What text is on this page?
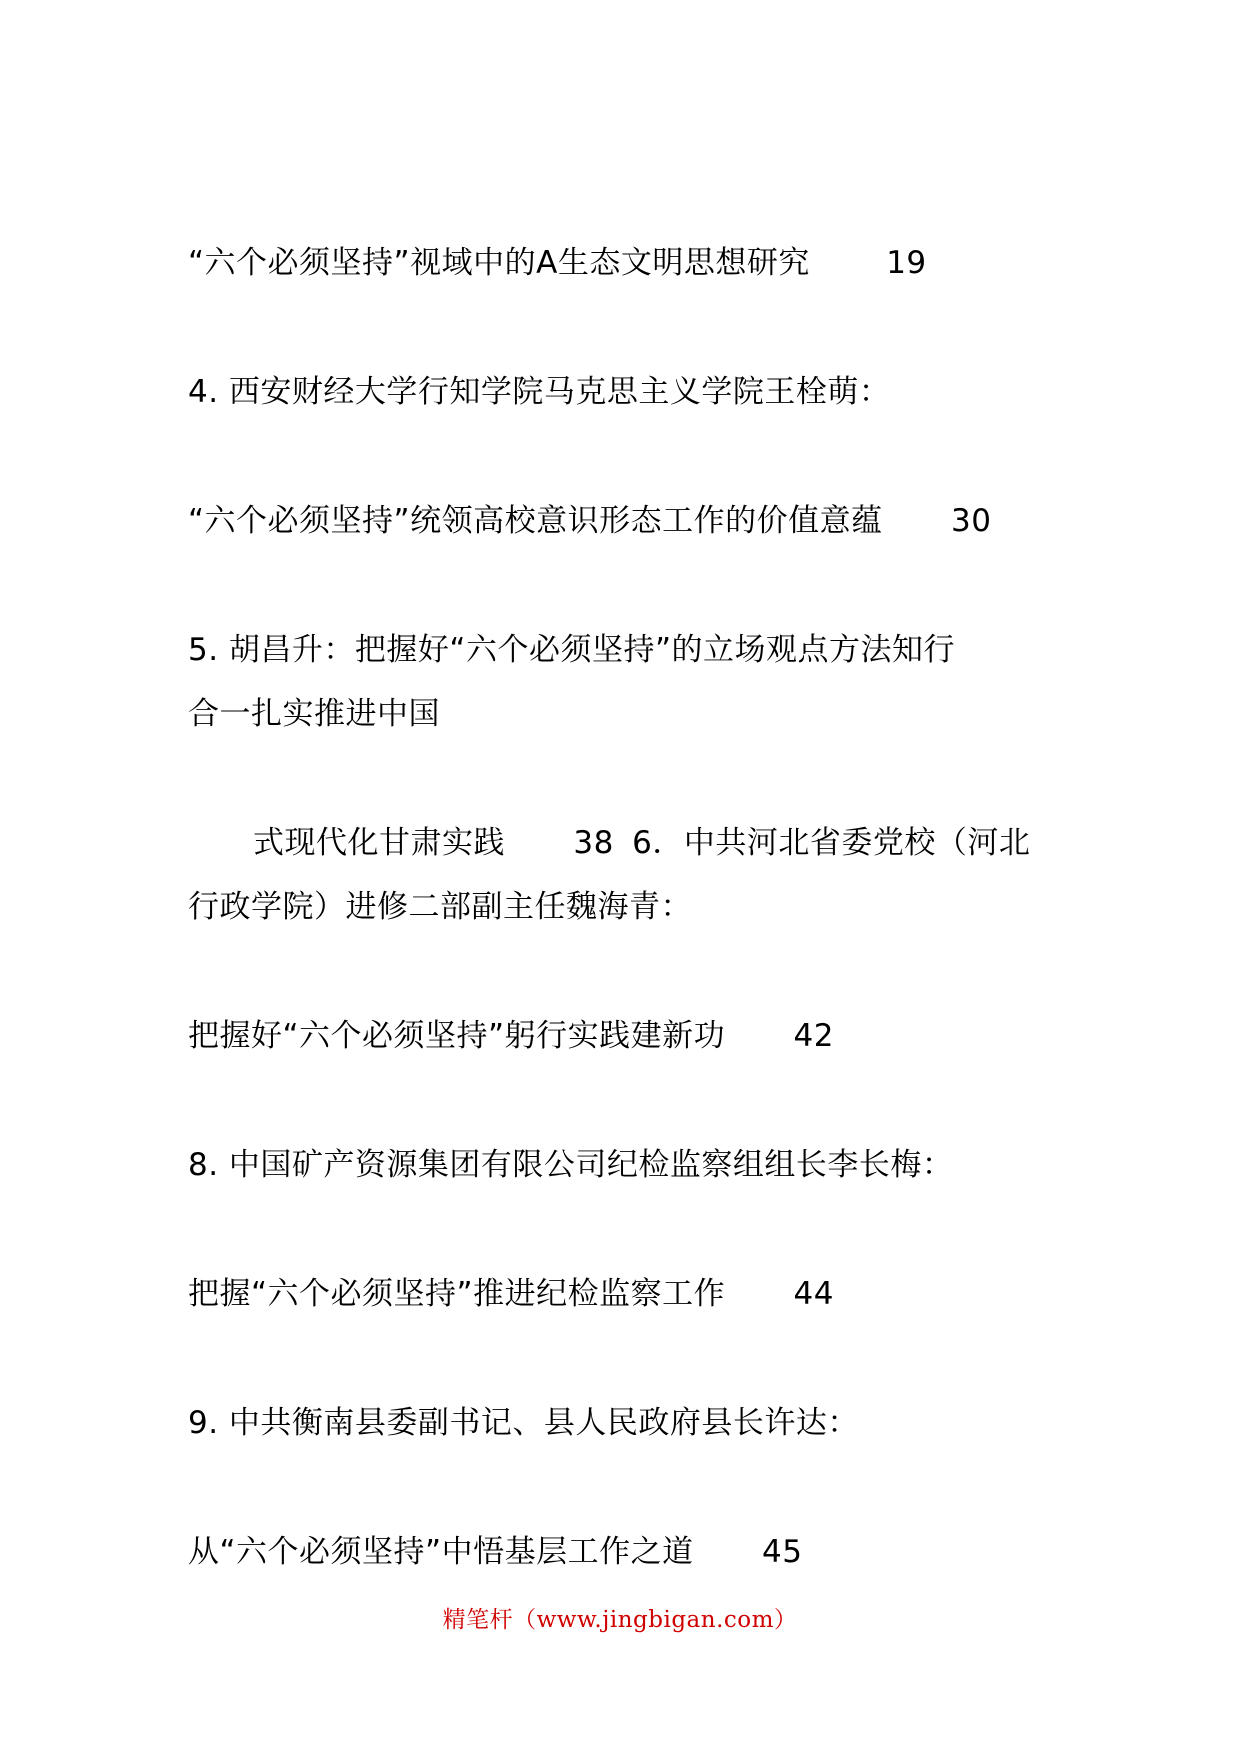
“六个必须坚持”视域中的A生态文明思想研究 19
4. 西安财经大学行知学院马克思主义学院王栓萌：
“六个必须坚持”统领高校意识形态工作的价值意蕴 30
5. 胡昌升：把握好“六个必须坚持”的立场观点方法知行
合一扎实推进中国
式现代化甘肃实践 38 6．中共河北省委党校（河北
行政学院）进修二部副主任魏海青：
把握好“六个必须坚持”躬行实践建新功 42
8. 中国矿产资源集团有限公司纪检监察组组长李长梅：
把握“六个必须坚持”推进纪检监察工作 44
9. 中共衡南县委副书记、县人民政府县长许达：
从“六个必须坚持”中悟基层工作之道 45
精笔杆（www.jingbigan.com）
